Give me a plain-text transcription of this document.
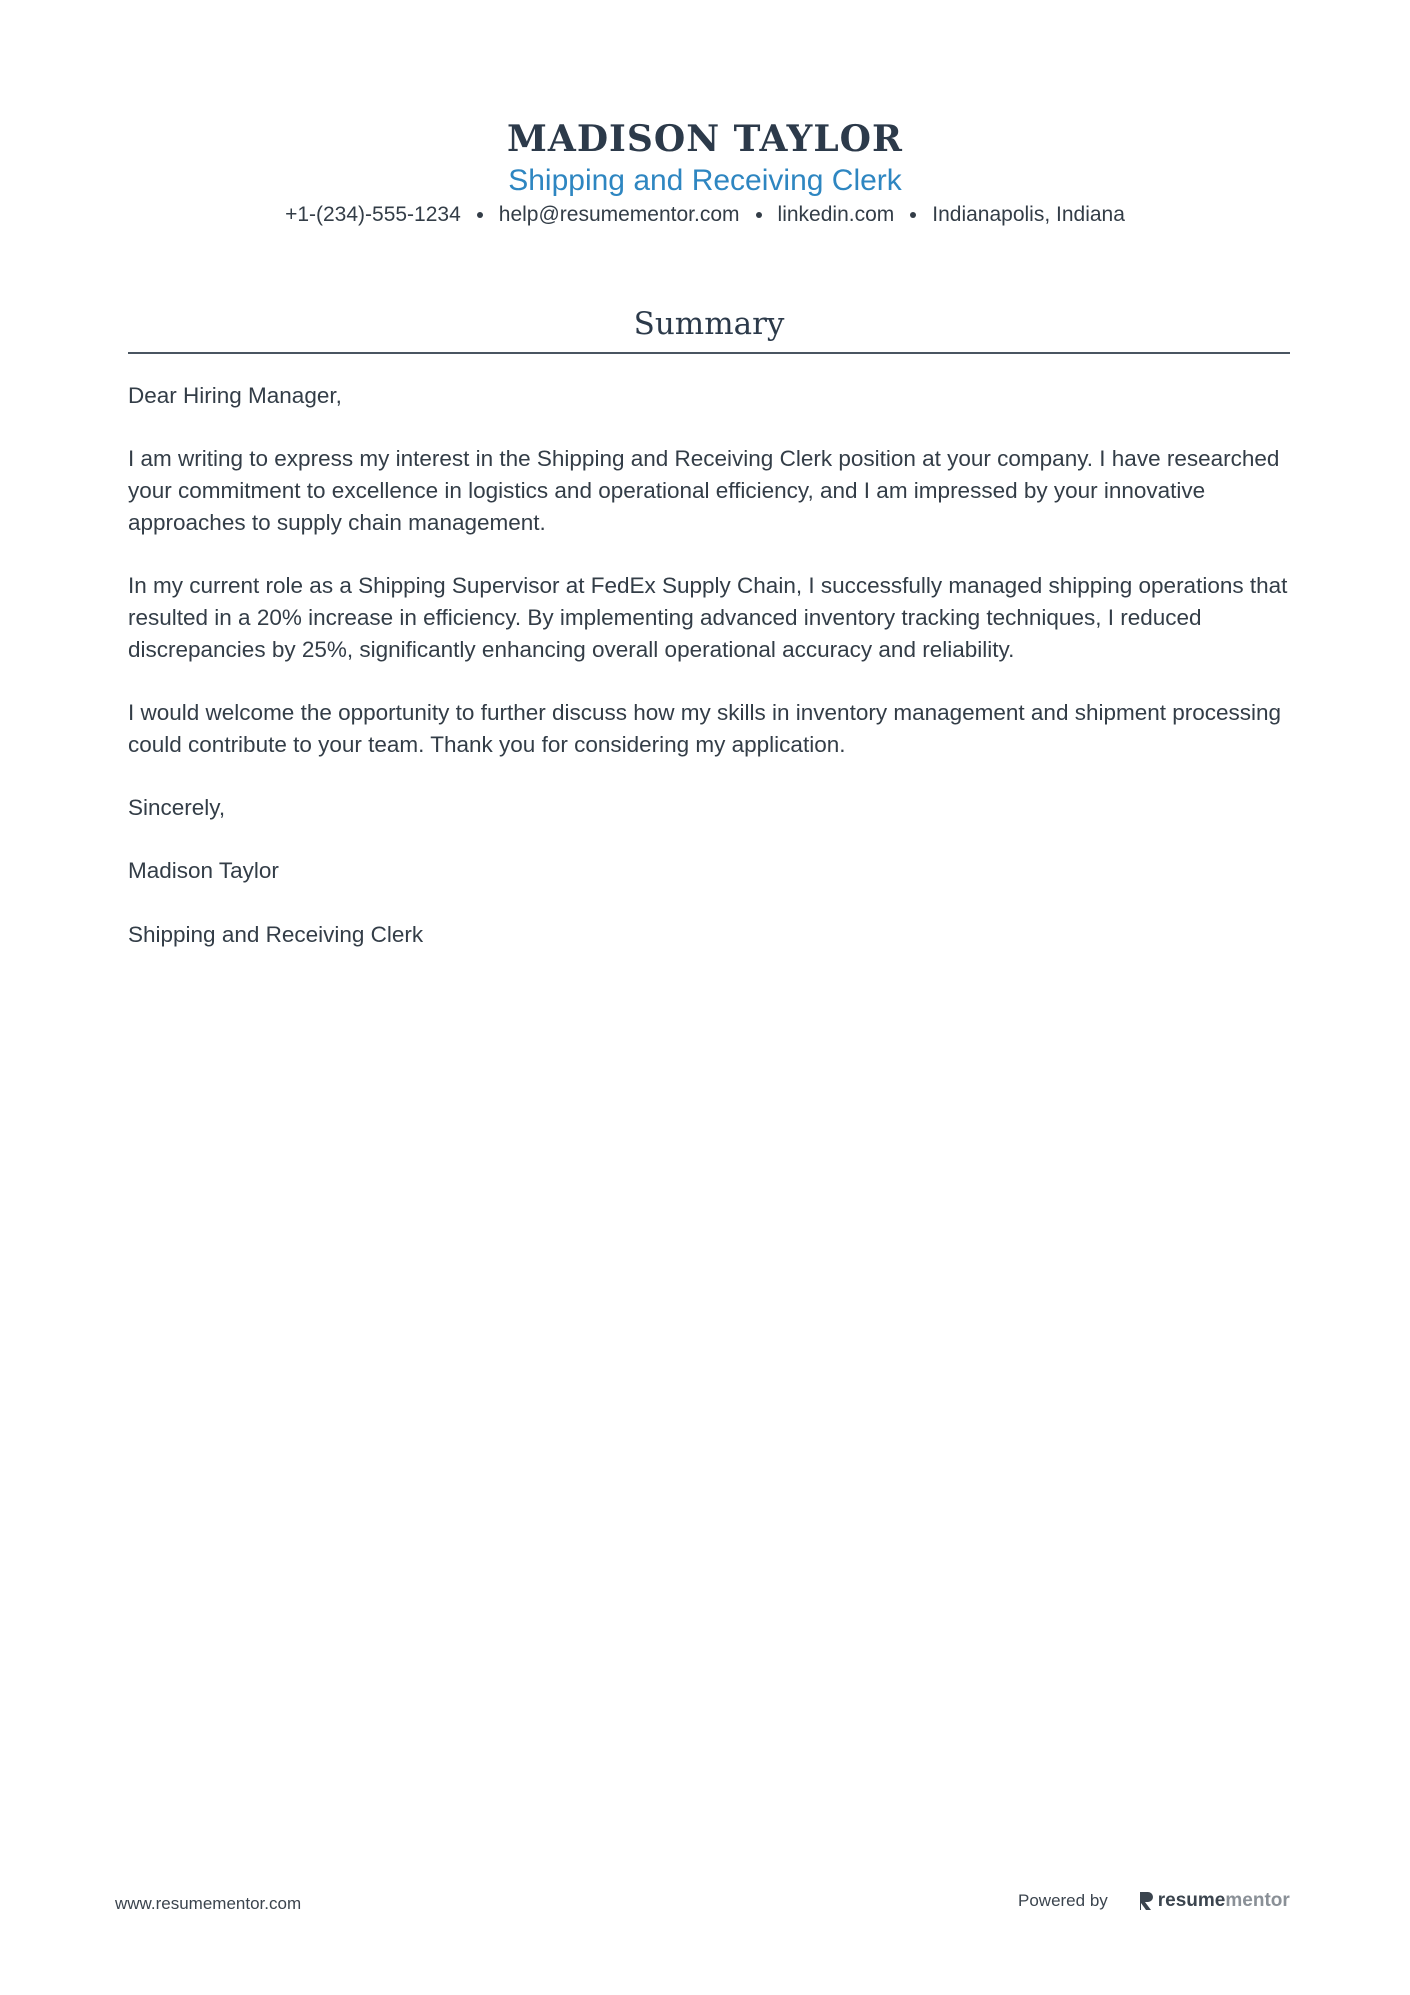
MADISON TAYLOR
Shipping and Receiving Clerk
+1-(234)-555-1234 help@resumementor.com linkedin.com Indianapolis, Indiana
Summary

Dear Hiring Manager,

I am writing to express my interest in the Shipping and Receiving Clerk position at your company. I have researched your commitment to excellence in logistics and operational efficiency, and I am impressed by your innovative approaches to supply chain management.

In my current role as a Shipping Supervisor at FedEx Supply Chain, I successfully managed shipping operations that resulted in a 20% increase in efficiency. By implementing advanced inventory tracking techniques, I reduced discrepancies by 25%, significantly enhancing overall operational accuracy and reliability.

I would welcome the opportunity to further discuss how my skills in inventory management and shipment processing could contribute to your team. Thank you for considering my application.

Sincerely,

Madison Taylor

Shipping and Receiving Clerk

www.resumementor.com	Powered by	resume mentor
